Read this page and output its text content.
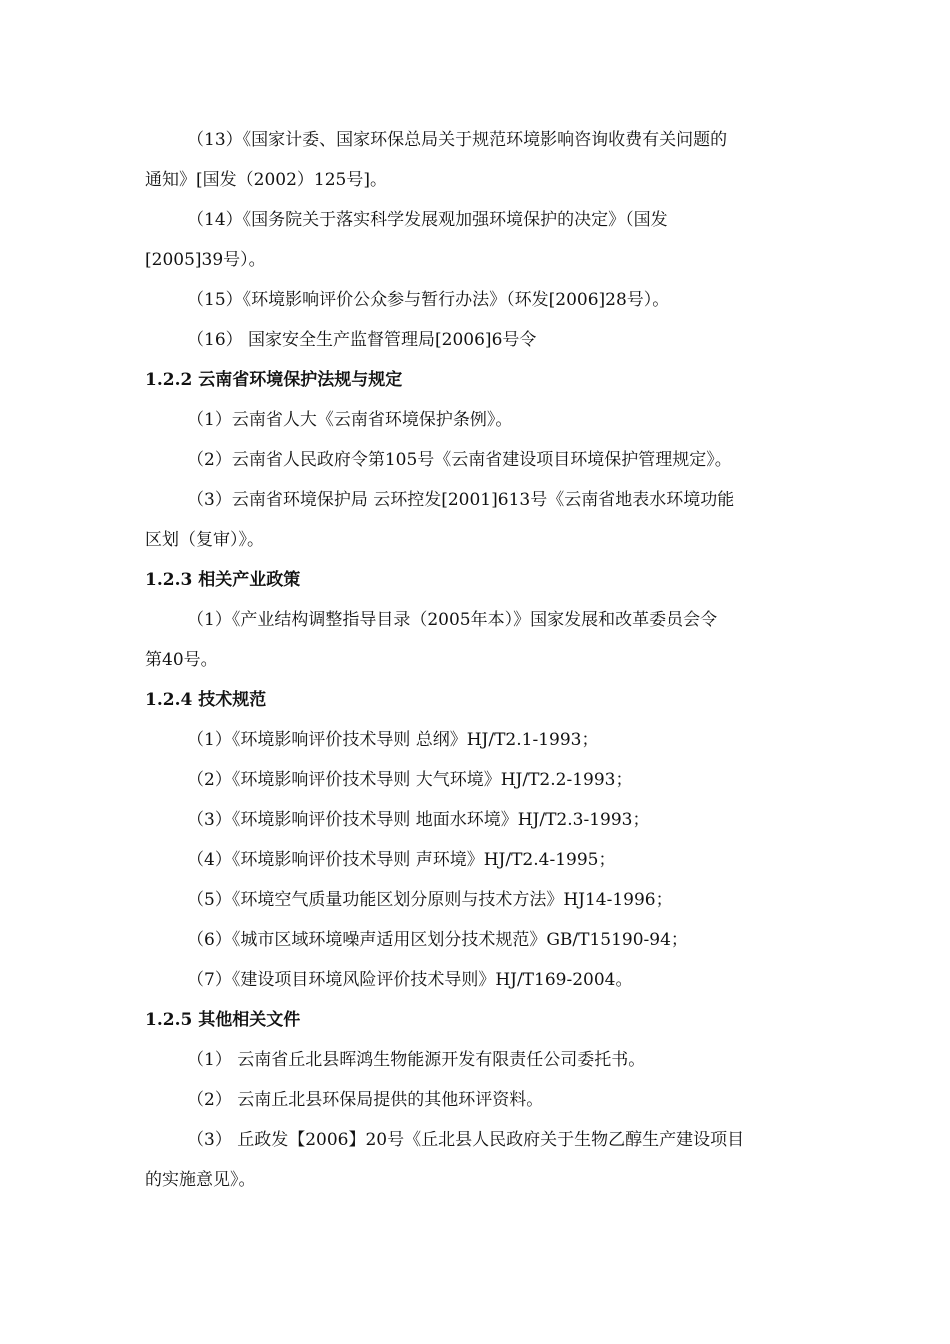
（13）《国家计委、国家环保总局关于规范环境影响咨询收费有关问题的
通知》[国发（2002）125号]。
（14）《国务院关于落实科学发展观加强环境保护的决定》（国发
[2005]39号）。
（15）《环境影响评价公众参与暂行办法》（环发[2006]28号）。
（16） 国家安全生产监督管理局[2006]6号令
1.2.2 云南省环境保护法规与规定
（1）云南省人大《云南省环境保护条例》。
（2）云南省人民政府令第105号《云南省建设项目环境保护管理规定》。
（3）云南省环境保护局 云环控发[2001]613号《云南省地表水环境功能
区划（复审）》。
1.2.3 相关产业政策
（1）《产业结构调整指导目录（2005年本）》国家发展和改革委员会令
第40号。
1.2.4 技术规范
（1）《环境影响评价技术导则 总纲》HJ/T2.1-1993；
（2）《环境影响评价技术导则 大气环境》HJ/T2.2-1993；
（3）《环境影响评价技术导则 地面水环境》HJ/T2.3-1993；
（4）《环境影响评价技术导则 声环境》HJ/T2.4-1995；
（5）《环境空气质量功能区划分原则与技术方法》HJ14-1996；
（6）《城市区域环境噪声适用区划分技术规范》GB/T15190-94；
（7）《建设项目环境风险评价技术导则》HJ/T169-2004。
1.2.5 其他相关文件
（1） 云南省丘北县晖鸿生物能源开发有限责任公司委托书。
（2） 云南丘北县环保局提供的其他环评资料。
（3） 丘政发【2006】20号《丘北县人民政府关于生物乙醇生产建设项目
的实施意见》。
